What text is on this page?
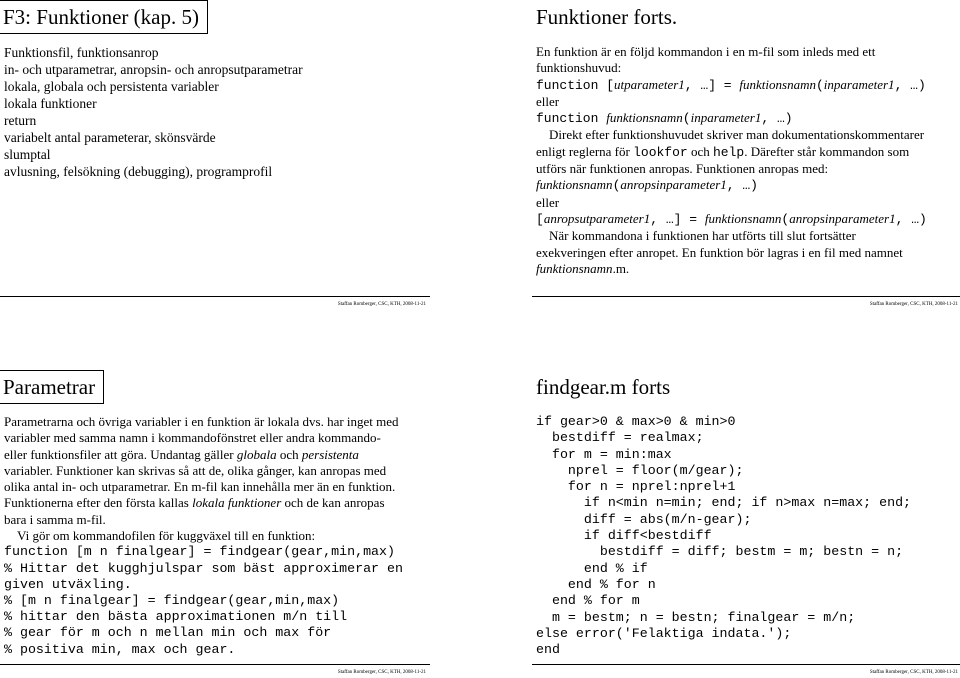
F3: Funktioner (kap. 5)
Funktionsfil, funktionsanrop
in- och utparametrar, anropsin- och anropsutparametrar
lokala, globala och persistenta variabler
lokala funktioner
return
variabelt antal parameterar, skönsvärde
slumptal
avlusning, felsökning (debugging), programprofil
Staffan Romberger, CSC, KTH, 2008-11-21
Funktioner forts.
En funktion är en följd kommandon i en m-fil som inleds med ett
funktionshuvud:
function [utparameter1, …] = funktionsnamn(inparameter1, …)
eller
function funktionsnamn(inparameter1, …)
Direkt efter funktionshuvudet skriver man dokumentationskommentarer
enligt reglerna för lookfor och help. Därefter står kommandon som
utförs när funktionen anropas. Funktionen anropas med:
funktionsnamn(anropsinparameter1, …)
eller
[anropsutparameter1, …] = funktionsnamn(anropsinparameter1, …)
När kommandona i funktionen har utförts till slut fortsätter
exekveringen efter anropet. En funktion bör lagras i en fil med namnet
funktionsnamn.m.
Staffan Romberger, CSC, KTH, 2008-11-21
Parametrar
Parametrarna och övriga variabler i en funktion är lokala dvs. har inget med
variabler med samma namn i kommandofönstret eller andra kommando-
eller funktionsfiler att göra. Undantag gäller globala och persistenta
variabler. Funktioner kan skrivas så att de, olika gånger, kan anropas med
olika antal in- och utparametrar. En m-fil kan innehålla mer än en funktion.
Funktionerna efter den första kallas lokala funktioner och de kan anropas
bara i samma m-fil.
Vi gör om kommandofilen för kuggväxel till en funktion:
function [m n finalgear] = findgear(gear,min,max)
% Hittar det kugghjulspar som bäst approximerar en
given utväxling.
% [m n finalgear] = findgear(gear,min,max)
% hittar den bästa approximationen m/n till
% gear för m och n mellan min och max för
% positiva min, max och gear.
Staffan Romberger, CSC, KTH, 2008-11-21
findgear.m forts
if gear>0 & max>0 & min>0
bestdiff = realmax;
for m = min:max
nprel = floor(m/gear);
for n = nprel:nprel+1
if n<min n=min; end; if n>max n=max; end;
diff = abs(m/n-gear);
if diff<bestdiff
bestdiff = diff; bestm = m; bestn = n;
end % if
end % for n
end % for m
m = bestm; n = bestn; finalgear = m/n;
else error('Felaktiga indata.');
end
Staffan Romberger, CSC, KTH, 2008-11-21
